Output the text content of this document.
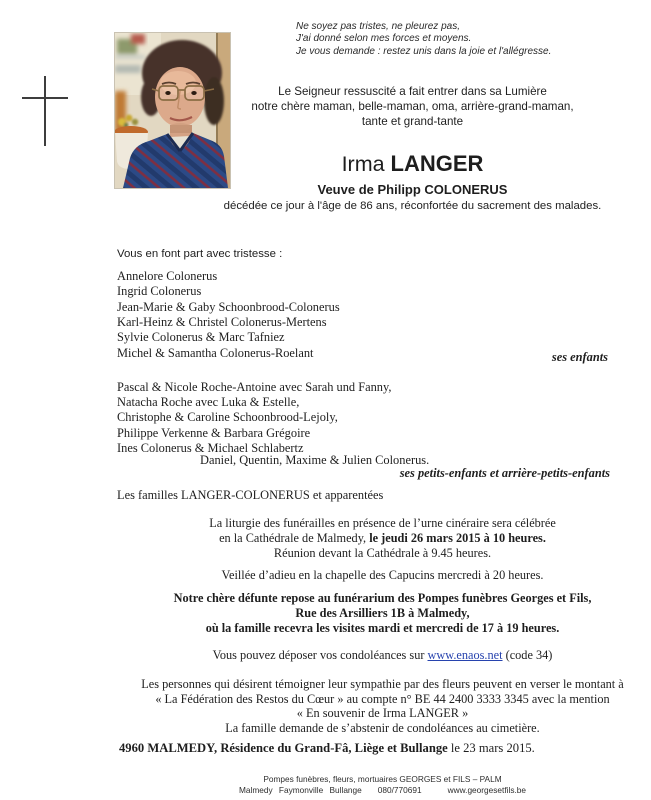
Ne soyez pas tristes, ne pleurez pas,
J'ai donné selon mes forces et moyens.
Je vous demande : restez unis dans la joie et l'allégresse.
Le Seigneur ressuscité a fait entrer dans sa Lumière
notre chère maman, belle-maman, oma, arrière-grand-maman,
tante et grand-tante
Irma LANGER
Veuve de Philipp COLONERUS
décédée ce jour à l'âge de 86 ans, réconfortée du sacrement des malades.
Vous en font part avec tristesse :
Annelore Colonerus
Ingrid Colonerus
Jean-Marie & Gaby Schoonbrood-Colonerus
Karl-Heinz & Christel Colonerus-Mertens
Sylvie Colonerus & Marc Tafniez
Michel & Samantha Colonerus-Roelant	ses enfants
Pascal & Nicole Roche-Antoine avec Sarah und Fanny,
Natacha Roche avec Luka & Estelle,
Christophe & Caroline Schoonbrood-Lejoly,
Philippe Verkenne & Barbara Grégoire
Ines Colonerus & Michael Schlabertz
Daniel, Quentin, Maxime & Julien Colonerus.
ses petits-enfants et arrière-petits-enfants
Les familles LANGER-COLONERUS et apparentées
La liturgie des funérailles en présence de l’urne cinéraire sera célébrée
en la Cathédrale de Malmedy, le jeudi 26 mars 2015 à 10 heures.
Réunion devant la Cathédrale à 9.45 heures.
Veillée d’adieu en la chapelle des Capucins mercredi à 20 heures.
Notre chère défunte repose au funérarium des Pompes funèbres Georges et Fils,
Rue des Arsilliers 1B à Malmedy,
où la famille recevra les visites mardi et mercredi de 17 à 19 heures.
Vous pouvez déposer vos condoléances sur www.enaos.net (code 34)
Les personnes qui désirent témoigner leur sympathie par des fleurs peuvent en verser le montant à
« La Fédération des Restos du Cœur » au compte n° BE 44 2400 3333 3345 avec la mention
« En souvenir de Irma LANGER »
La famille demande de s’abstenir de condoléances au cimetière.
4960 MALMEDY, Résidence du Grand-Fâ, Liège et Bullange le 23 mars 2015.
Pompes funèbres, fleurs, mortuaires GEORGES et FILS – PALM
Malmedy Faymonville Bullange 080/770691	www.georgesetfils.be
